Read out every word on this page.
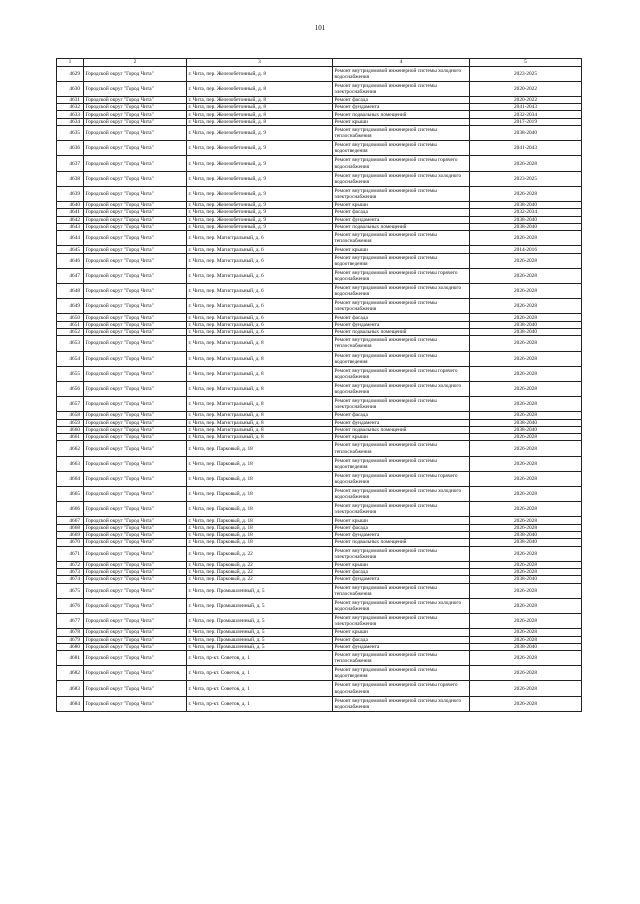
101
1	2	3	4	5
4629	Городской округ "Город Чита"	г. Чита, пер. Железобетонный, д. 8	Ремонт внутридомовой инженерной системы холодного водоснабжения	2023-2025
4630	Городской округ "Город Чита"	г. Чита, пер. Железобетонный, д. 8	Ремонт внутридомовой инженерной системы электроснабжения	2020-2022
4631	Городской округ "Город Чита"	г. Чита, пер. Железобетонный, д. 8	Ремонт фасада	2020-2022
4632	Городской округ "Город Чита"	г. Чита, пер. Железобетонный, д. 8	Ремонт фундамента	2041-2043
4633	Городской округ "Город Чита"	г. Чита, пер. Железобетонный, д. 8	Ремонт подвальных помещений	2032-2034
4634	Городской округ "Город Чита"	г. Чита, пер. Железобетонный, д. 8	Ремонт крыши	2017-2019
4635	Городской округ "Город Чита"	г. Чита, пер. Железобетонный, д. 9	Ремонт внутридомовой инженерной системы теплоснабжения	2038-2040
4636	Городской округ "Город Чита"	г. Чита, пер. Железобетонный, д. 9	Ремонт внутридомовой инженерной системы водоотведения	2041-2043
4637	Городской округ "Город Чита"	г. Чита, пер. Железобетонный, д. 9	Ремонт внутридомовой инженерной системы горячего водоснабжения	2026-2028
4638	Городской округ "Город Чита"	г. Чита, пер. Железобетонный, д. 9	Ремонт внутридомовой инженерной системы холодного водоснабжения	2023-2025
4639	Городской округ "Город Чита"	г. Чита, пер. Железобетонный, д. 9	Ремонт внутридомовой инженерной системы электроснабжения	2026-2028
4640	Городской округ "Город Чита"	г. Чита, пер. Железобетонный, д. 9	Ремонт крыши	2038-2040
4641	Городской округ "Город Чита"	г. Чита, пер. Железобетонный, д. 9	Ремонт фасада	2032-2034
4642	Городской округ "Город Чита"	г. Чита, пер. Железобетонный, д. 9	Ремонт фундамента	2038-2040
4643	Городской округ "Город Чита"	г. Чита, пер. Железобетонный, д. 9	Ремонт подвальных помещений	2038-2040
4644	Городской округ "Город Чита"	г. Чита, пер. Магистральный, д. 6	Ремонт внутридомовой инженерной системы теплоснабжения	2026-2028
4645	Городской округ "Город Чита"	г. Чита, пер. Магистральный, д. 6	Ремонт крыши	2014-2016
4646	Городской округ "Город Чита"	г. Чита, пер. Магистральный, д. 6	Ремонт внутридомовой инженерной системы водоотведения	2026-2028
4647	Городской округ "Город Чита"	г. Чита, пер. Магистральный, д. 6	Ремонт внутридомовой инженерной системы горячего водоснабжения	2026-2028
4648	Городской округ "Город Чита"	г. Чита, пер. Магистральный, д. 6	Ремонт внутридомовой инженерной системы холодного водоснабжения	2026-2028
4649	Городской округ "Город Чита"	г. Чита, пер. Магистральный, д. 6	Ремонт внутридомовой инженерной системы электроснабжения	2026-2028
4650	Городской округ "Город Чита"	г. Чита, пер. Магистральный, д. 6	Ремонт фасада	2026-2028
4651	Городской округ "Город Чита"	г. Чита, пер. Магистральный, д. 6	Ремонт фундамента	2038-2040
4652	Городской округ "Город Чита"	г. Чита, пер. Магистральный, д. 6	Ремонт подвальных помещений	2038-2040
4653	Городской округ "Город Чита"	г. Чита, пер. Магистральный, д. 8	Ремонт внутридомовой инженерной системы теплоснабжения	2026-2028
4654	Городской округ "Город Чита"	г. Чита, пер. Магистральный, д. 8	Ремонт внутридомовой инженерной системы водоотведения	2026-2028
4655	Городской округ "Город Чита"	г. Чита, пер. Магистральный, д. 8	Ремонт внутридомовой инженерной системы горячего водоснабжения	2026-2028
4656	Городской округ "Город Чита"	г. Чита, пер. Магистральный, д. 8	Ремонт внутридомовой инженерной системы холодного водоснабжения	2026-2028
4657	Городской округ "Город Чита"	г. Чита, пер. Магистральный, д. 8	Ремонт внутридомовой инженерной системы электроснабжения	2026-2028
4658	Городской округ "Город Чита"	г. Чита, пер. Магистральный, д. 8	Ремонт фасада	2026-2028
4659	Городской округ "Город Чита"	г. Чита, пер. Магистральный, д. 8	Ремонт фундамента	2038-2040
4660	Городской округ "Город Чита"	г. Чита, пер. Магистральный, д. 8	Ремонт подвальных помещений	2038-2040
4661	Городской округ "Город Чита"	г. Чита, пер. Магистральный, д. 8	Ремонт крыши	2026-2028
4662	Городской округ "Город Чита"	г. Чита, пер. Парковый, д. 18	Ремонт внутридомовой инженерной системы теплоснабжения	2026-2028
4663	Городской округ "Город Чита"	г. Чита, пер. Парковый, д. 18	Ремонт внутридомовой инженерной системы водоотведения	2026-2028
4664	Городской округ "Город Чита"	г. Чита, пер. Парковый, д. 18	Ремонт внутридомовой инженерной системы горячего водоснабжения	2026-2028
4665	Городской округ "Город Чита"	г. Чита, пер. Парковый, д. 18	Ремонт внутридомовой инженерной системы холодного водоснабжения	2026-2028
4666	Городской округ "Город Чита"	г. Чита, пер. Парковый, д. 18	Ремонт внутридомовой инженерной системы электроснабжения	2026-2028
4667	Городской округ "Город Чита"	г. Чита, пер. Парковый, д. 18	Ремонт крыши	2026-2028
4668	Городской округ "Город Чита"	г. Чита, пер. Парковый, д. 18	Ремонт фасада	2026-2028
4669	Городской округ "Город Чита"	г. Чита, пер. Парковый, д. 18	Ремонт фундамента	2038-2040
4670	Городской округ "Город Чита"	г. Чита, пер. Парковый, д. 18	Ремонт подвальных помещений	2038-2040
4671	Городской округ "Город Чита"	г. Чита, пер. Парковый, д. 22	Ремонт внутридомовой инженерной системы электроснабжения	2026-2028
4672	Городской округ "Город Чита"	г. Чита, пер. Парковый, д. 22	Ремонт крыши	2026-2028
4673	Городской округ "Город Чита"	г. Чита, пер. Парковый, д. 22	Ремонт фасада	2026-2028
4674	Городской округ "Город Чита"	г. Чита, пер. Парковый, д. 22	Ремонт фундамента	2038-2040
4675	Городской округ "Город Чита"	г. Чита, пер. Промышленный, д. 5	Ремонт внутридомовой инженерной системы теплоснабжения	2026-2028
4676	Городской округ "Город Чита"	г. Чита, пер. Промышленный, д. 5	Ремонт внутридомовой инженерной системы холодного водоснабжения	2026-2028
4677	Городской округ "Город Чита"	г. Чита, пер. Промышленный, д. 5	Ремонт внутридомовой инженерной системы электроснабжения	2026-2028
4678	Городской округ "Город Чита"	г. Чита, пер. Промышленный, д. 5	Ремонт крыши	2026-2028
4679	Городской округ "Город Чита"	г. Чита, пер. Промышленный, д. 5	Ремонт фасада	2026-2028
4680	Городской округ "Город Чита"	г. Чита, пер. Промышленный, д. 5	Ремонт фундамента	2038-2040
4681	Городской округ "Город Чита"	г. Чита, пр-кт. Советов, д. 1	Ремонт внутридомовой инженерной системы теплоснабжения	2026-2028
4682	Городской округ "Город Чита"	г. Чита, пр-кт. Советов, д. 1	Ремонт внутридомовой инженерной системы водоотведения	2026-2028
4683	Городской округ "Город Чита"	г. Чита, пр-кт. Советов, д. 1	Ремонт внутридомовой инженерной системы горячего водоснабжения	2026-2028
4684	Городской округ "Город Чита"	г. Чита, пр-кт. Советов, д. 1	Ремонт внутридомовой инженерной системы холодного водоснабжения	2026-2028
